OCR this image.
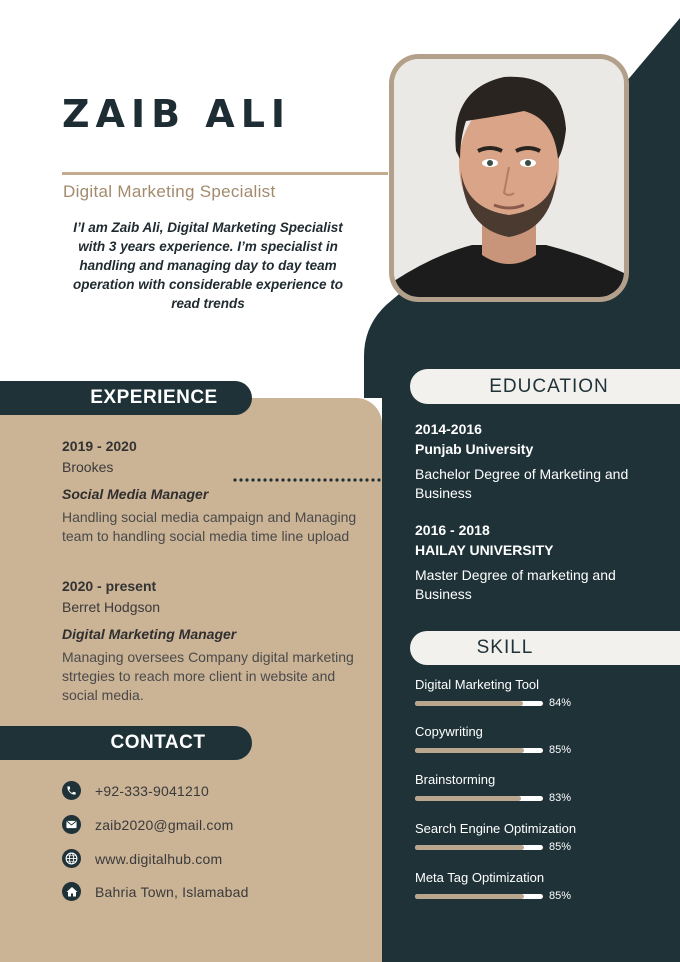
ZAIB ALI
Digital Marketing Specialist
I’I am Zaib Ali, Digital Marketing Specialist with 3 years experience. I’m specialist in handling and managing day to day team operation with considerable experience to read trends
EXPERIENCE
EDUCATION
SKILL
CONTACT
2019 - 2020
Brookes
Social Media Manager
Handling social media campaign and Managing team to handling social media time line upload
2020 - present
Berret Hodgson
Digital Marketing Manager
Managing oversees Company digital marketing strtegies to reach more client in website and social media.
2014-2016
Punjab University
Bachelor Degree of Marketing and Business
2016 - 2018
HAILAY UNIVERSITY
Master Degree of marketing and Business
Digital Marketing Tool
84%
Copywriting
85%
Brainstorming
83%
Search Engine Optimization
85%
Meta Tag Optimization
85%
+92-333-9041210
zaib2020@gmail.com
www.digitalhub.com
Bahria Town, Islamabad
